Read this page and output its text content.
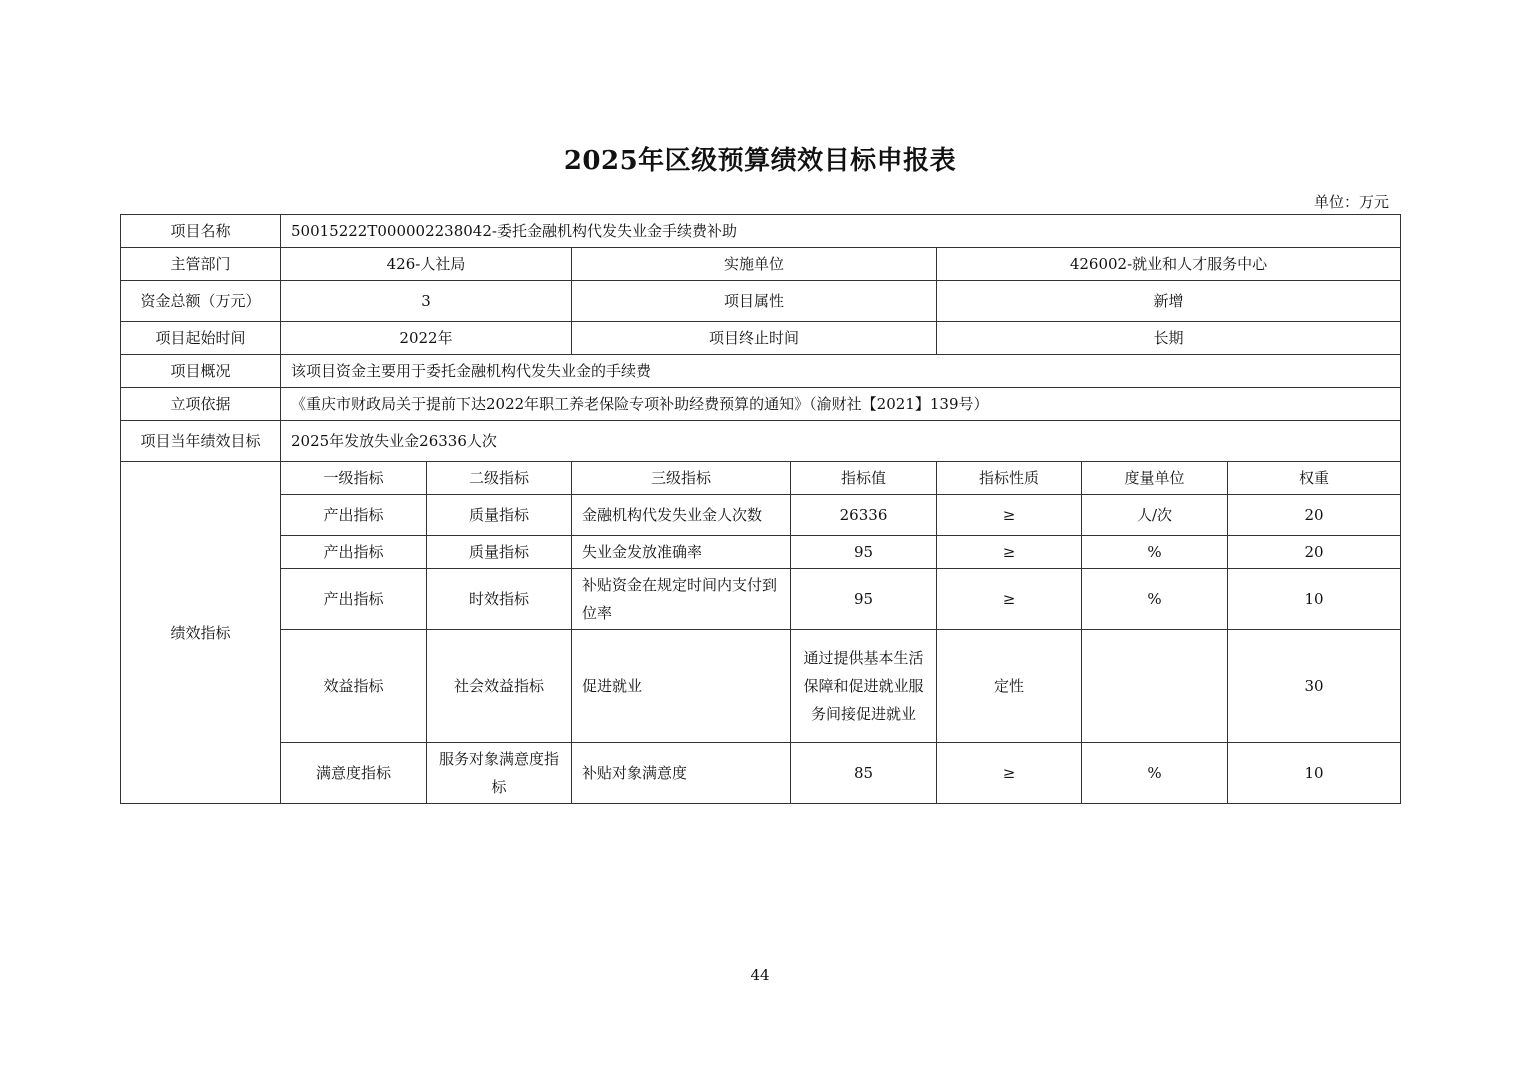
2025年区级预算绩效目标申报表
单位：万元
项目名称	50015222T000002238042-委托金融机构代发失业金手续费补助						
主管部门	426-人社局		实施单位		426002-就业和人才服务中心		
资金总额（万元）	3		项目属性		新增		
项目起始时间	2022年		项目终止时间		长期		
项目概况	该项目资金主要用于委托金融机构代发失业金的手续费						
立项依据	《重庆市财政局关于提前下达2022年职工养老保险专项补助经费预算的通知》（渝财社【2021】139号）						
项目当年绩效目标	2025年发放失业金26336人次						
绩效指标	一级指标	二级指标	三级指标	指标值	指标性质	度量单位	权重
	产出指标	质量指标	金融机构代发失业金人次数	26336	≥	人/次	20
	产出指标	质量指标	失业金发放准确率	95	≥	%	20
	产出指标	时效指标	补贴资金在规定时间内支付到位率	95	≥	%	10
	效益指标	社会效益指标	促进就业	通过提供基本生活保障和促进就业服务间接促进就业	定性		30
	满意度指标	服务对象满意度指标	补贴对象满意度	85	≥	%	10
44
